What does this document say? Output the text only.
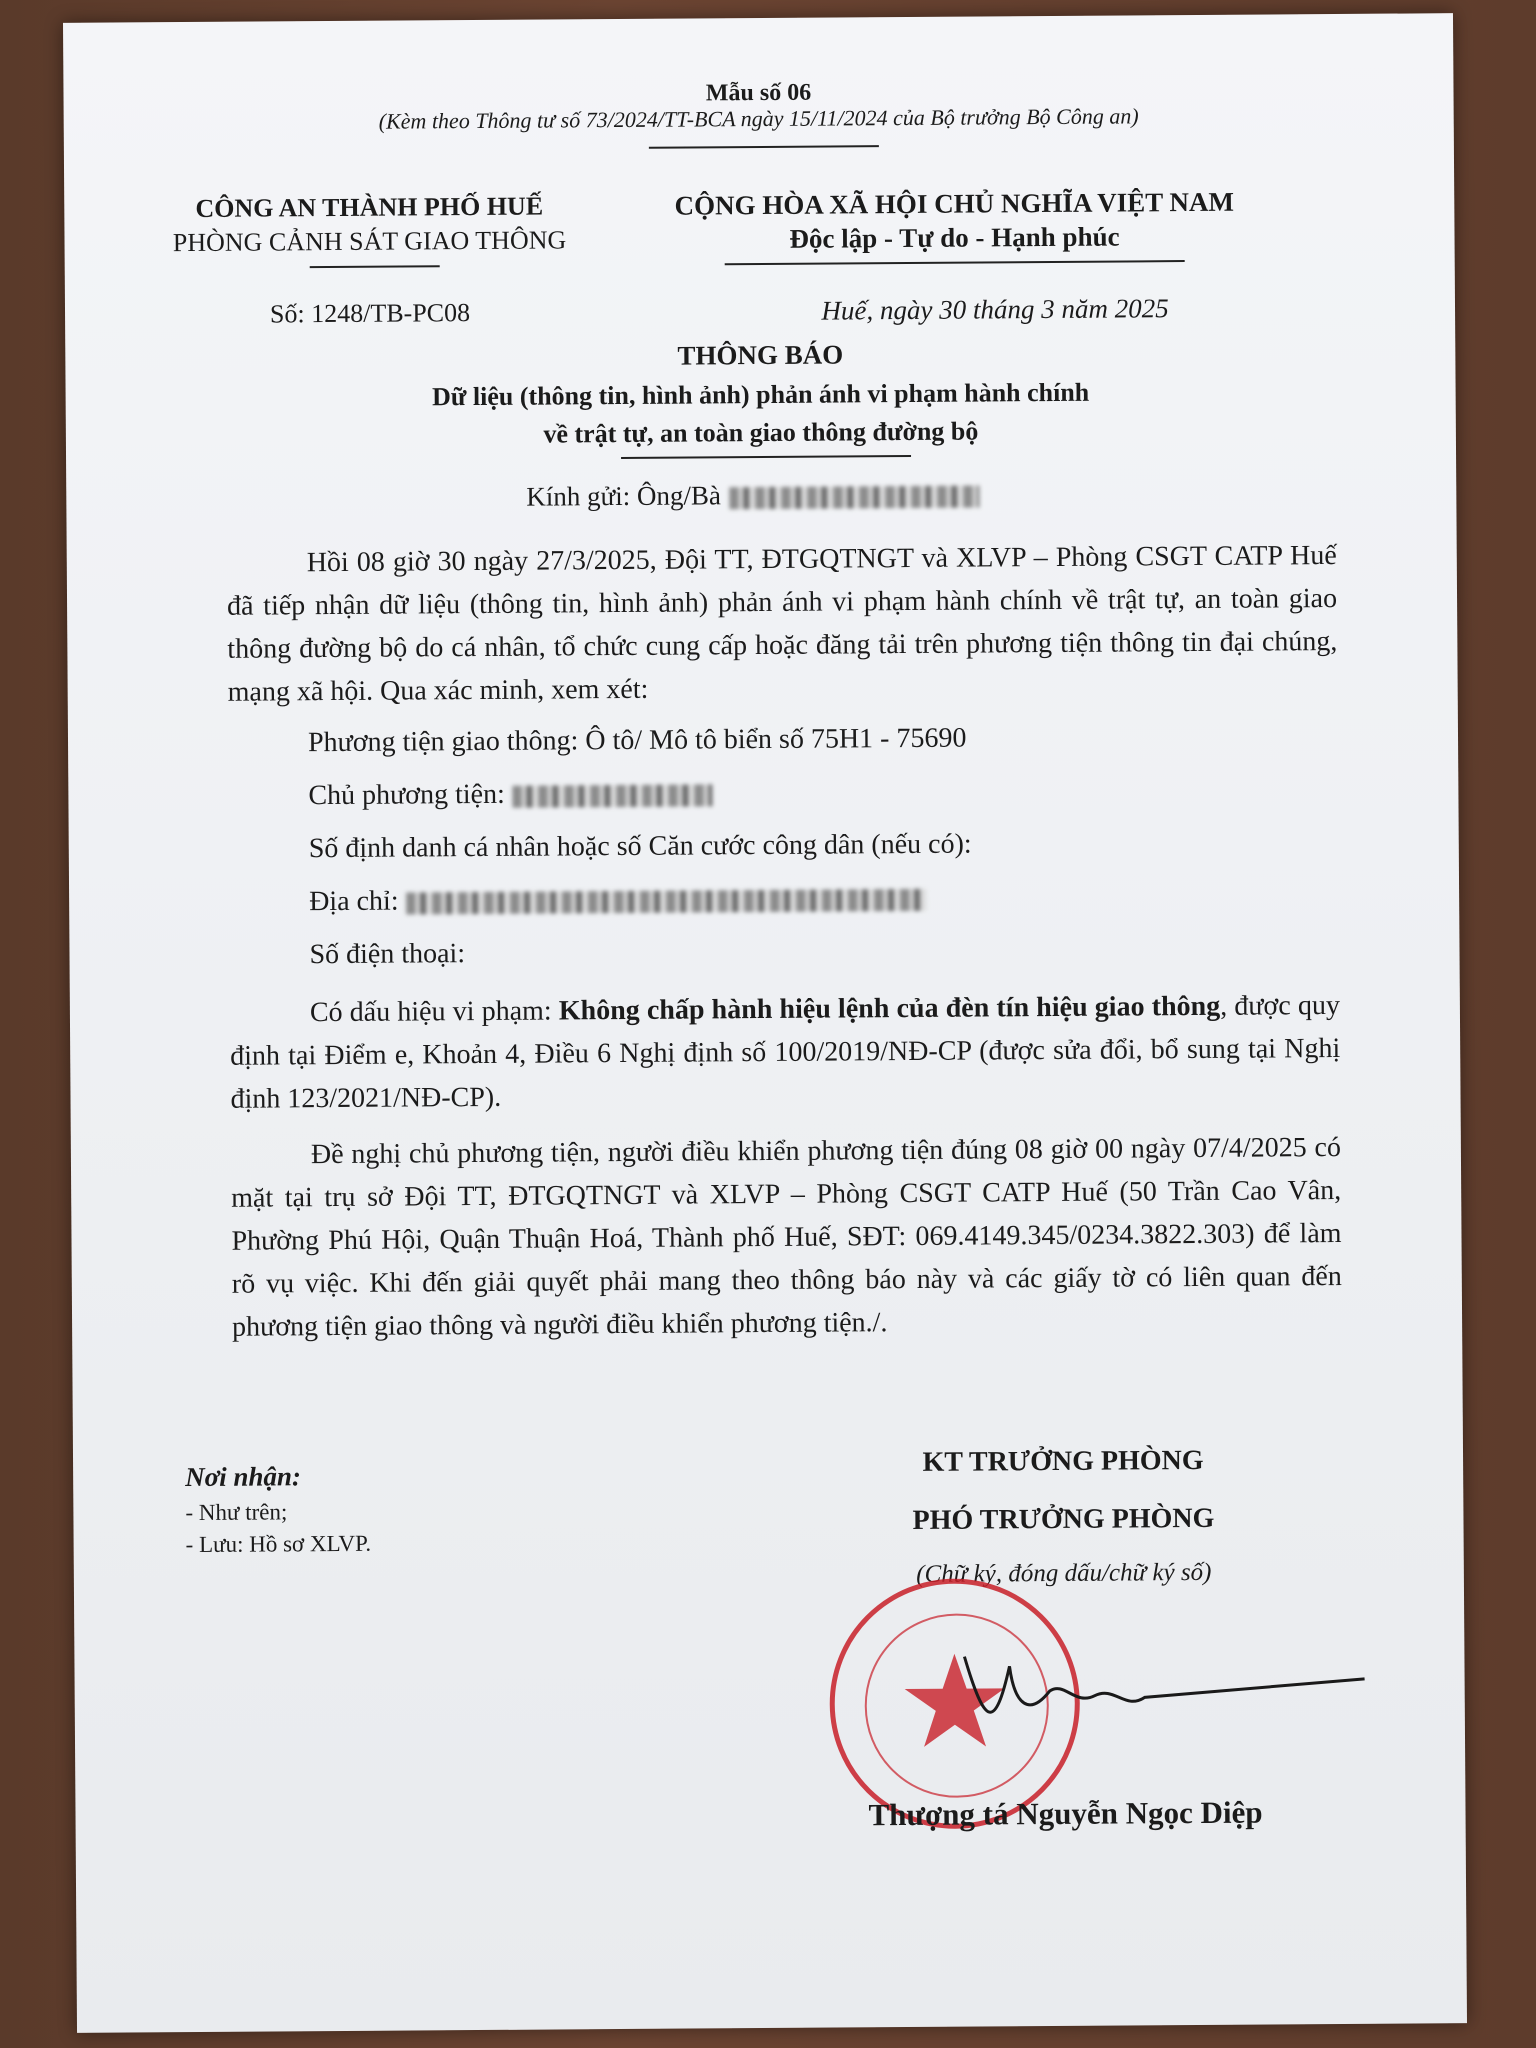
Mẫu số 06
(Kèm theo Thông tư số 73/2024/TT-BCA ngày 15/11/2024 của Bộ trưởng Bộ Công an)
CÔNG AN THÀNH PHỐ HUẾ
PHÒNG CẢNH SÁT GIAO THÔNG
CỘNG HÒA XÃ HỘI CHỦ NGHĨA VIỆT NAM
Độc lập - Tự do - Hạnh phúc
Số: 1248/TB-PC08	Huế, ngày 30 tháng 3 năm 2025
THÔNG BÁO
Dữ liệu (thông tin, hình ảnh) phản ánh vi phạm hành chính
về trật tự, an toàn giao thông đường bộ
Kính gửi: Ông/Bà
Hồi 08 giờ 30 ngày 27/3/2025, Đội TT, ĐTGQTNGT và XLVP – Phòng CSGT CATP Huế đã tiếp nhận dữ liệu (thông tin, hình ảnh) phản ánh vi phạm hành chính về trật tự, an toàn giao thông đường bộ do cá nhân, tổ chức cung cấp hoặc đăng tải trên phương tiện thông tin đại chúng, mạng xã hội. Qua xác minh, xem xét:
Phương tiện giao thông: Ô tô/ Mô tô biển số 75H1 - 75690
Chủ phương tiện:
Số định danh cá nhân hoặc số Căn cước công dân (nếu có):
Địa chỉ:
Số điện thoại:
Có dấu hiệu vi phạm: Không chấp hành hiệu lệnh của đèn tín hiệu giao thông, được quy định tại Điểm e, Khoản 4, Điều 6 Nghị định số 100/2019/NĐ-CP (được sửa đổi, bổ sung tại Nghị định 123/2021/NĐ-CP).
Đề nghị chủ phương tiện, người điều khiển phương tiện đúng 08 giờ 00 ngày 07/4/2025 có mặt tại trụ sở Đội TT, ĐTGQTNGT và XLVP – Phòng CSGT CATP Huế (50 Trần Cao Vân, Phường Phú Hội, Quận Thuận Hoá, Thành phố Huế, SĐT: 069.4149.345/0234.3822.303) để làm rõ vụ việc. Khi đến giải quyết phải mang theo thông báo này và các giấy tờ có liên quan đến phương tiện giao thông và người điều khiển phương tiện./.
Nơi nhận:
- Như trên;
- Lưu: Hồ sơ XLVP.
KT TRƯỞNG PHÒNG
PHÓ TRƯỞNG PHÒNG
(Chữ ký, đóng dấu/chữ ký số)
Thượng tá Nguyễn Ngọc Diệp
